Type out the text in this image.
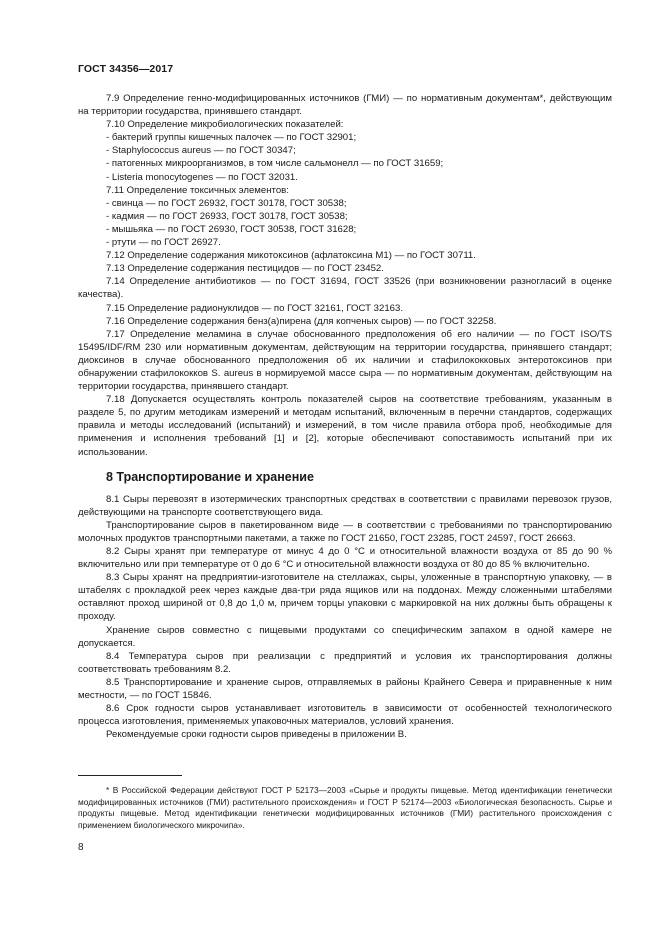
ГОСТ 34356—2017

7.9 Определение генно-модифицированных источников (ГМИ) — по нормативным документам*, действующим на территории государства, принявшего стандарт.

7.10 Определение микробиологических показателей:

- бактерий группы кишечных палочек — по ГОСТ 32901;

- Staphylococcus aureus — по ГОСТ 30347;

- патогенных микроорганизмов, в том числе сальмонелл — по ГОСТ 31659;

- Listeria monocytogenes — по ГОСТ 32031.

7.11 Определение токсичных элементов:

- свинца — по ГОСТ 26932, ГОСТ 30178, ГОСТ 30538;

- кадмия — по ГОСТ 26933, ГОСТ 30178, ГОСТ 30538;

- мышьяка — по ГОСТ 26930, ГОСТ 30538, ГОСТ 31628;

- ртути — по ГОСТ 26927.

7.12 Определение содержания микотоксинов (афлатоксина M1) — по ГОСТ 30711.

7.13 Определение содержания пестицидов — по ГОСТ 23452.

7.14 Определение антибиотиков — по ГОСТ 31694, ГОСТ 33526 (при возникновении разногласий в оценке качества).

7.15 Определение радионуклидов — по ГОСТ 32161, ГОСТ 32163.

7.16 Определение содержания бенз(а)пирена (для копченых сыров) — по ГОСТ 32258.

7.17 Определение меламина в случае обоснованного предположения об его наличии — по ГОСТ ISO/TS 15495/IDF/RM 230 или нормативным документам, действующим на территории государства, принявшего стандарт; диоксинов в случае обоснованного предположения об их наличии и стафилококковых энтеротоксинов при обнаружении стафилококков S. aureus в нормируемой массе сыра — по нормативным документам, действующим на территории государства, принявшего стандарт.

7.18 Допускается осуществлять контроль показателей сыров на соответствие требованиям, указанным в разделе 5, по другим методикам измерений и методам испытаний, включенным в перечни стандартов, содержащих правила и методы исследований (испытаний) и измерений, в том числе правила отбора проб, необходимые для применения и исполнения требований [1] и [2], которые обеспечивают сопоставимость испытаний при их использовании.

8 Транспортирование и хранение

8.1 Сыры перевозят в изотермических транспортных средствах в соответствии с правилами перевозок грузов, действующими на транспорте соответствующего вида.

Транспортирование сыров в пакетированном виде — в соответствии с требованиями по транспортированию молочных продуктов транспортными пакетами, а также по ГОСТ 21650, ГОСТ 23285, ГОСТ 24597, ГОСТ 26663.

8.2 Сыры хранят при температуре от минус 4 до 0 °С и относительной влажности воздуха от 85 до 90 % включительно или при температуре от 0 до 6 °С и относительной влажности воздуха от 80 до 85 % включительно.

8.3 Сыры хранят на предприятии-изготовителе на стеллажах, сыры, уложенные в транспортную упаковку, — в штабелях с прокладкой реек через каждые два-три ряда ящиков или на поддонах. Между сложенными штабелями оставляют проход шириной от 0,8 до 1,0 м, причем торцы упаковки с маркировкой на них должны быть обращены к проходу.

Хранение сыров совместно с пищевыми продуктами со специфическим запахом в одной камере не допускается.

8.4 Температура сыров при реализации с предприятий и условия их транспортирования должны соответствовать требованиям 8.2.

8.5 Транспортирование и хранение сыров, отправляемых в районы Крайнего Севера и приравненные к ним местности, — по ГОСТ 15846.

8.6 Срок годности сыров устанавливает изготовитель в зависимости от особенностей технологического процесса изготовления, применяемых упаковочных материалов, условий хранения.

Рекомендуемые сроки годности сыров приведены в приложении В.

* В Российской Федерации действуют ГОСТ Р 52173—2003 «Сырье и продукты пищевые. Метод идентификации генетически модифицированных источников (ГМИ) растительного происхождения» и ГОСТ Р 52174—2003 «Биологическая безопасность. Сырье и продукты пищевые. Метод идентификации генетически модифицированных источников (ГМИ) растительного происхождения с применением биологического микрочипа».

8
